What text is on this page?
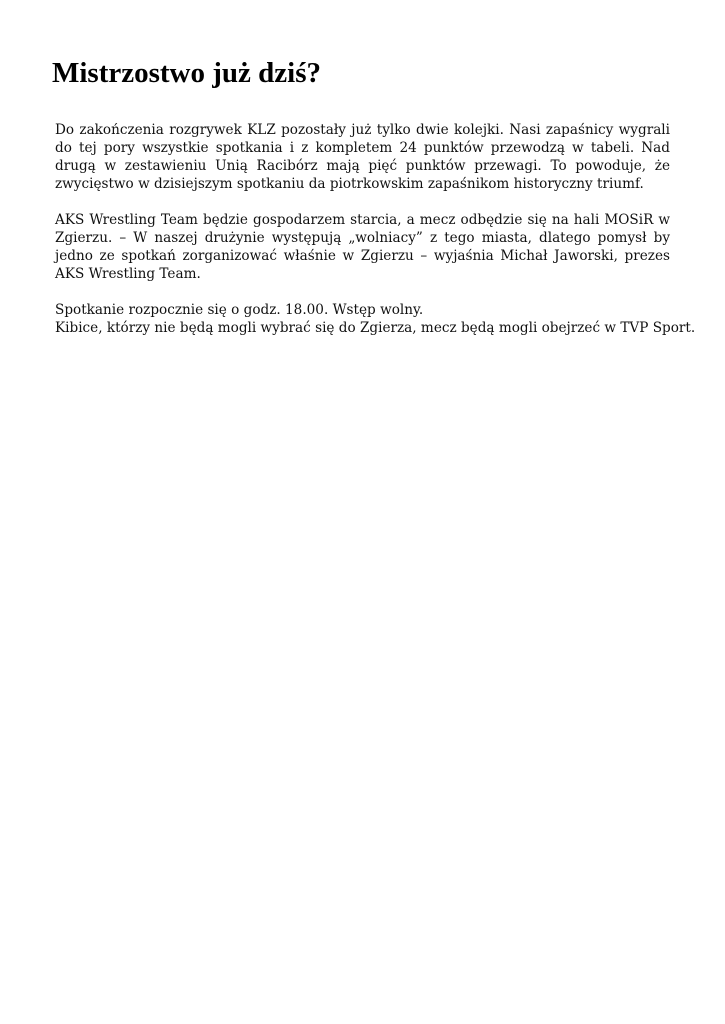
Mistrzostwo już dziś?

Do zakończenia rozgrywek KLZ pozostały już tylko dwie kolejki. Nasi zapaśnicy wygrali do tej pory wszystkie spotkania i z kompletem 24 punktów przewodzą w tabeli. Nad drugą w zestawieniu Unią Racibórz mają pięć punktów przewagi. To powoduje, że zwycięstwo w dzisiejszym spotkaniu da piotrkowskim zapaśnikom historyczny triumf.

AKS Wrestling Team będzie gospodarzem starcia, a mecz odbędzie się na hali MOSiR w Zgierzu. – W naszej drużynie występują „wolniacy” z tego miasta, dlatego pomysł by jedno ze spotkań zorganizować właśnie w Zgierzu – wyjaśnia Michał Jaworski, prezes AKS Wrestling Team.

Spotkanie rozpocznie się o godz. 18.00. Wstęp wolny.
Kibice, którzy nie będą mogli wybrać się do Zgierza, mecz będą mogli obejrzeć w TVP Sport.
